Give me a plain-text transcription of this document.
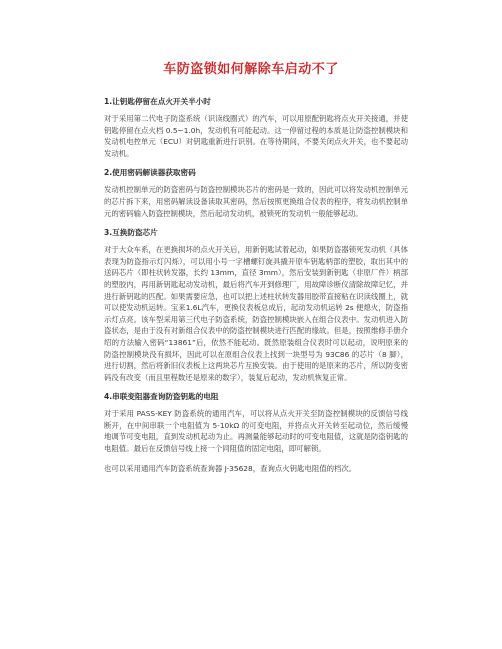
车防盗锁如何解除车启动不了
1.让钥匙停留在点火开关半小时
对于采用第二代电子防盗系统（识读线圈式）的汽车，可以用原配钥匙将点火开关接通，并使钥匙停留在点火档 0.5~1.0h，发动机有可能起动。这一停留过程的本质是让防盗控制模块和发动机电控单元（ECU）对钥匙重新进行识别。在等待期间，不要关闭点火开关，也不要起动发动机。
2.使用密码解读器获取密码
发动机控制单元的防盗密码与防盗控制模块芯片的密码是一致的，因此可以将发动机控制单元的芯片拆下来，用密码解读设备读取其密码，然后按照更换组合仪表的程序，将发动机控制单元的密码输入防盗控制模块，然后起动发动机，被锁死的发动机一般能够起动。
3.互换防盗芯片
对于大众车系，在更换损坏的点火开关后，用新钥匙试着起动，如果防盗器锁死发动机（具体表现为防盗指示灯闪烁），可以用小号一字槽螺钉旋具撬开原车钥匙柄部的塑胶，取出其中的送码芯片（即柱状转发器，长约 13mm，直径 3mm），然后安装到新钥匙（非原厂件）柄部的塑胶内，再用新钥匙起动发动机，最后将汽车开到修理厂，用故障诊断仪清除故障记忆，并进行新钥匙的匹配。如果需要应急，也可以把上述柱状转发器用胶带直接粘在识读线圈上，就可以使发动机运转。宝来1.6L汽车，更换仪表板总成后，起动发动机运转 2s 便熄火，防盗指示灯点亮。该车型采用第三代电子防盗系统，防盗控制模块嵌入在组合仪表中。发动机进入防盗状态，是由于没有对新组合仪表中的防盗控制模块进行匹配的缘故。但是，按照维修手册介绍的方法输入密码“13861”后，依然不能起动。既然原装组合仪表时可以起动，说明原来的防盗控制模块没有损坏，因此可以在原组合仪表上找到一块型号为 93C86 的芯片（8 脚），进行切割，然后将新旧仪表板上这两块芯片互换安装。由于使用的是原来的芯片，所以防变密码没有改变（而且里程数还是原来的数字），装复后起动，发动机恢复正常。
4.串联变阻器查询防盗钥匙的电阻
对于采用 PASS-KEY 防盗系统的通用汽车，可以将从点火开关至防盗控制模块的反馈信号线断开，在中间串联一个电阻值为 5-10kΩ 的可变电阻，并将点火开关转至起动位，然后缓慢地调节可变电阻，直到发动机起动为止。再测量能够起动时的可变电阻值，这就是防盗钥匙的电阻值。最后在反馈信号线上接一个同阻值的固定电阻，即可解锁。
也可以采用通用汽车防盗系统查询器 J-35628，查询点火钥匙电阻值的档次。
